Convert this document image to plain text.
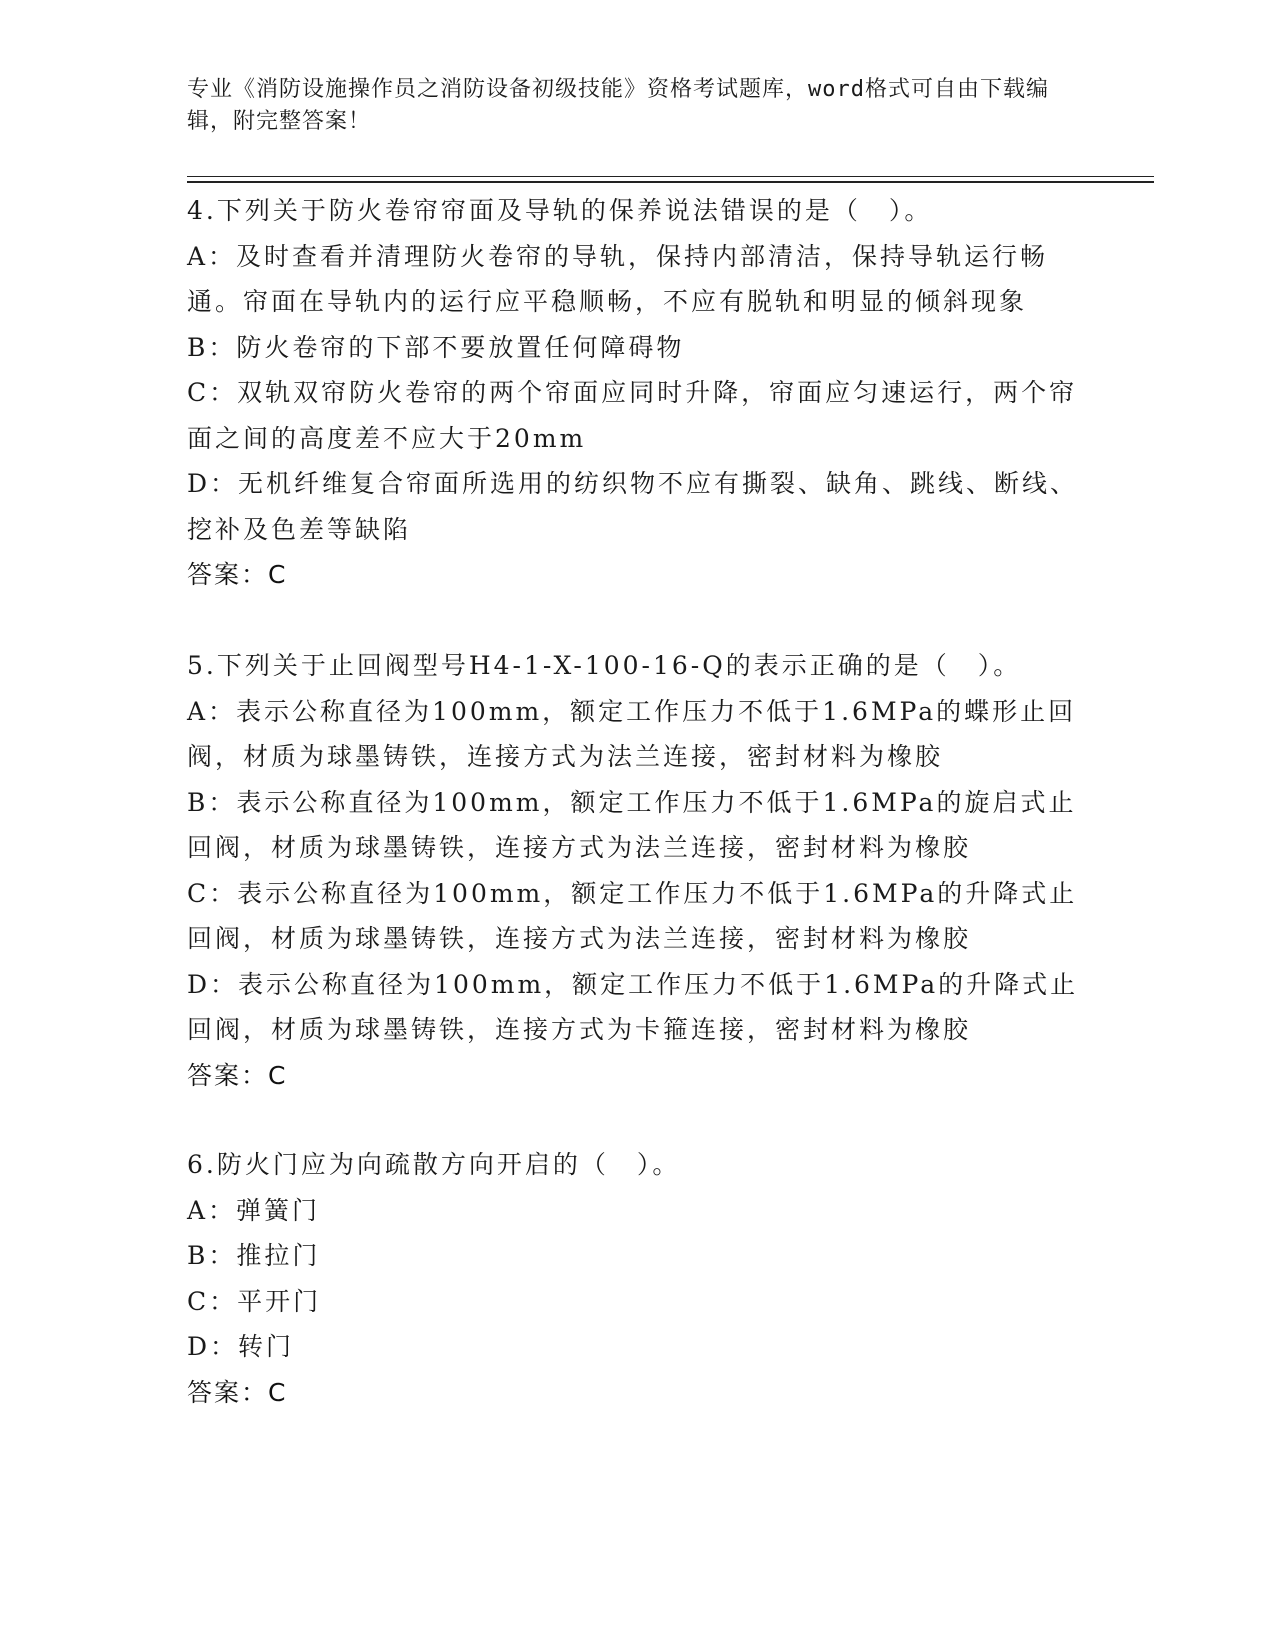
专业《消防设施操作员之消防设备初级技能》资格考试题库，word格式可自由下载编辑，附完整答案！
4.下列关于防火卷帘帘面及导轨的保养说法错误的是（　）。
A：及时查看并清理防火卷帘的导轨，保持内部清洁，保持导轨运行畅通。帘面在导轨内的运行应平稳顺畅，不应有脱轨和明显的倾斜现象
B：防火卷帘的下部不要放置任何障碍物
C：双轨双帘防火卷帘的两个帘面应同时升降，帘面应匀速运行，两个帘面之间的高度差不应大于20mm
D：无机纤维复合帘面所选用的纺织物不应有撕裂、缺角、跳线、断线、挖补及色差等缺陷
答案：C
5.下列关于止回阀型号H4-1-X-100-16-Q的表示正确的是（　）。
A：表示公称直径为100mm，额定工作压力不低于1.6MPa的蝶形止回阀，材质为球墨铸铁，连接方式为法兰连接，密封材料为橡胶
B：表示公称直径为100mm，额定工作压力不低于1.6MPa的旋启式止回阀，材质为球墨铸铁，连接方式为法兰连接，密封材料为橡胶
C：表示公称直径为100mm，额定工作压力不低于1.6MPa的升降式止回阀，材质为球墨铸铁，连接方式为法兰连接，密封材料为橡胶
D：表示公称直径为100mm，额定工作压力不低于1.6MPa的升降式止回阀，材质为球墨铸铁，连接方式为卡箍连接，密封材料为橡胶
答案：C
6.防火门应为向疏散方向开启的（　）。
A：弹簧门
B：推拉门
C：平开门
D：转门
答案：C
